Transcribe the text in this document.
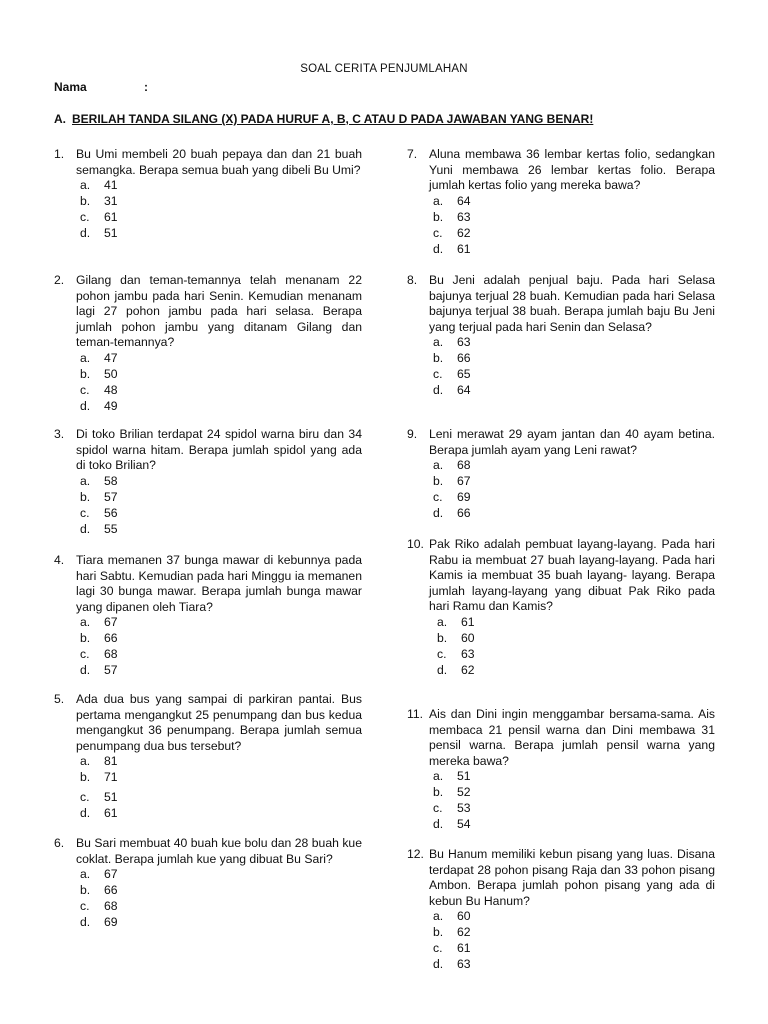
SOAL CERITA PENJUMLAHAN
Nama	:
A. BERILAH TANDA SILANG (X) PADA HURUF A, B, C ATAU D PADA JAWABAN YANG BENAR!
1. Bu Umi membeli 20 buah pepaya dan dan 21 buah semangka. Berapa semua buah yang dibeli Bu Umi?
a. 41
b. 31
c. 61
d. 51
2. Gilang dan teman-temannya telah menanam 22 pohon jambu pada hari Senin. Kemudian menanam lagi 27 pohon jambu pada hari selasa. Berapa jumlah pohon jambu yang ditanam Gilang dan teman-temannya?
a. 47
b. 50
c. 48
d. 49
3. Di toko Brilian terdapat 24 spidol warna biru dan 34 spidol warna hitam. Berapa jumlah spidol yang ada di toko Brilian?
a. 58
b. 57
c. 56
d. 55
4. Tiara memanen 37 bunga mawar di kebunnya pada hari Sabtu. Kemudian pada hari Minggu ia memanen lagi 30 bunga mawar. Berapa jumlah bunga mawar yang dipanen oleh Tiara?
a. 67
b. 66
c. 68
d. 57
5. Ada dua bus yang sampai di parkiran pantai. Bus pertama mengangkut 25 penumpang dan bus kedua mengangkut 36 penumpang. Berapa jumlah semua penumpang dua bus tersebut?
a. 81
b. 71
c. 51
d. 61
6. Bu Sari membuat 40 buah kue bolu dan 28 buah kue coklat. Berapa jumlah kue yang dibuat Bu Sari?
a. 67
b. 66
c. 68
d. 69
7. Aluna membawa 36 lembar kertas folio, sedangkan Yuni membawa 26 lembar kertas folio. Berapa jumlah kertas folio yang mereka bawa?
a. 64
b. 63
c. 62
d. 61
8. Bu Jeni adalah penjual baju. Pada hari Selasa bajunya terjual 28 buah. Kemudian pada hari Selasa bajunya terjual 38 buah. Berapa jumlah baju Bu Jeni yang terjual pada hari Senin dan Selasa?
a. 63
b. 66
c. 65
d. 64
9. Leni merawat 29 ayam jantan dan 40 ayam betina. Berapa jumlah ayam yang Leni rawat?
a. 68
b. 67
c. 69
d. 66
10. Pak Riko adalah pembuat layang-layang. Pada hari Rabu ia membuat 27 buah layang-layang. Pada hari Kamis ia membuat 35 buah layang- layang. Berapa jumlah layang-layang yang dibuat Pak Riko pada hari Ramu dan Kamis?
a. 61
b. 60
c. 63
d. 62
11. Ais dan Dini ingin menggambar bersama-sama. Ais membaca 21 pensil warna dan Dini membawa 31 pensil warna. Berapa jumlah pensil warna yang mereka bawa?
a. 51
b. 52
c. 53
d. 54
12. Bu Hanum memiliki kebun pisang yang luas. Disana terdapat 28 pohon pisang Raja dan 33 pohon pisang Ambon. Berapa jumlah pohon pisang yang ada di kebun Bu Hanum?
a. 60
b. 62
c. 61
d. 63
